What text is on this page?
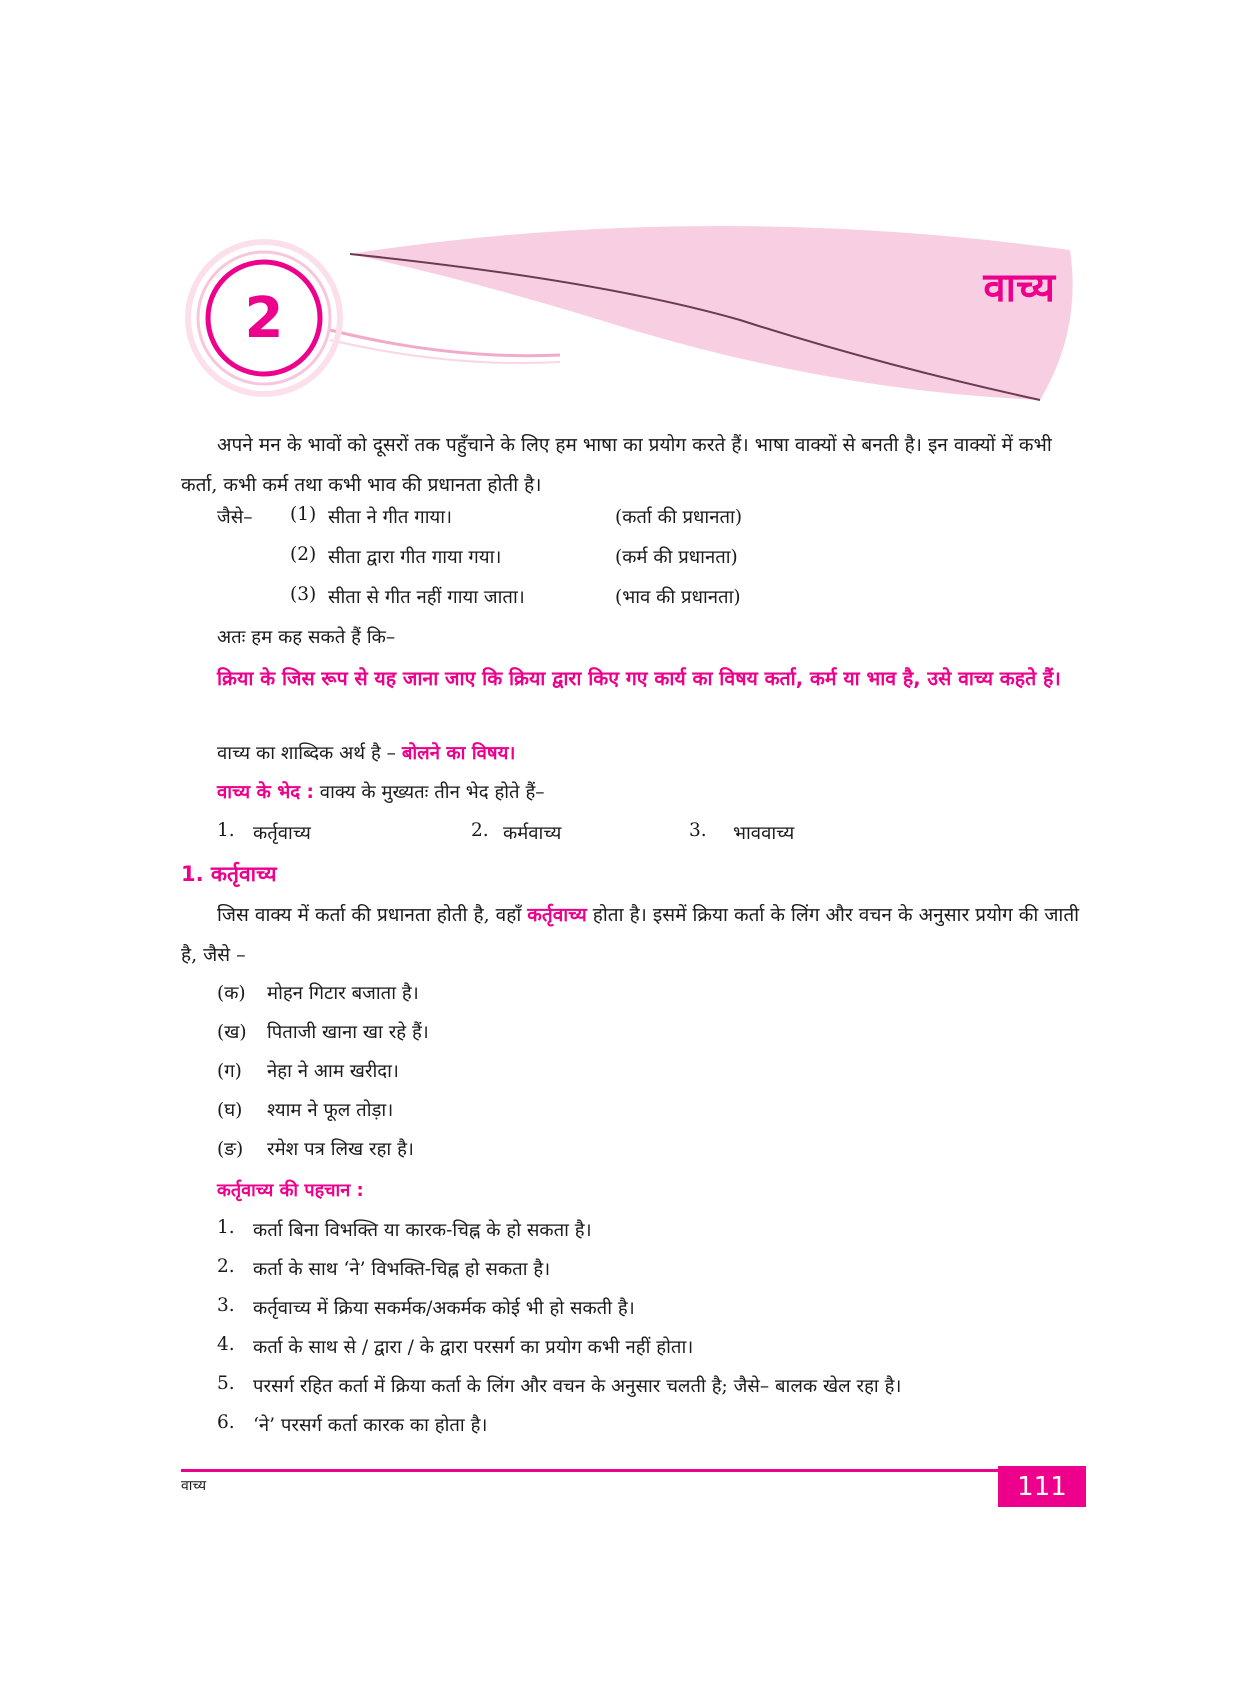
2	वाच्य
अपने मन के भावों को दूसरों तक पहुँचाने के लिए हम भाषा का प्रयोग करते हैं। भाषा वाक्यों से बनती है। इन वाक्यों में कभी कर्ता, कभी कर्म तथा कभी भाव की प्रधानता होती है।
जैसे– (1) सीता ने गीत गाया।	(कर्ता की प्रधानता)
(2) सीता द्वारा गीत गाया गया।	(कर्म की प्रधानता)
(3) सीता से गीत नहीं गाया जाता।	(भाव की प्रधानता)
अतः हम कह सकते हैं कि–
क्रिया के जिस रूप से यह जाना जाए कि क्रिया द्वारा किए गए कार्य का विषय कर्ता, कर्म या भाव है, उसे वाच्य कहते हैं।
वाच्य का शाब्दिक अर्थ है – बोलने का विषय।
वाच्य के भेद : वाक्य के मुख्यतः तीन भेद होते हैं–
1. कर्तृवाच्य	2. कर्मवाच्य	3. भाववाच्य
1. कर्तृवाच्य
जिस वाक्य में कर्ता की प्रधानता होती है, वहाँ कर्तृवाच्य होता है। इसमें क्रिया कर्ता के लिंग और वचन के अनुसार प्रयोग की जाती है, जैसे –
(क) मोहन गिटार बजाता है।
(ख) पिताजी खाना खा रहे हैं।
(ग) नेहा ने आम खरीदा।
(घ) श्याम ने फूल तोड़ा।
(ङ) रमेश पत्र लिख रहा है।
कर्तृवाच्य की पहचान :
1. कर्ता बिना विभक्ति या कारक-चिह्न के हो सकता है।
2. कर्ता के साथ ‘ने’ विभक्ति-चिह्न हो सकता है।
3. कर्तृवाच्य में क्रिया सकर्मक/अकर्मक कोई भी हो सकती है।
4. कर्ता के साथ से / द्वारा / के द्वारा परसर्ग का प्रयोग कभी नहीं होता।
5. परसर्ग रहित कर्ता में क्रिया कर्ता के लिंग और वचन के अनुसार चलती है; जैसे– बालक खेल रहा है।
6. ‘ने’ परसर्ग कर्ता कारक का होता है।
वाच्य	111
